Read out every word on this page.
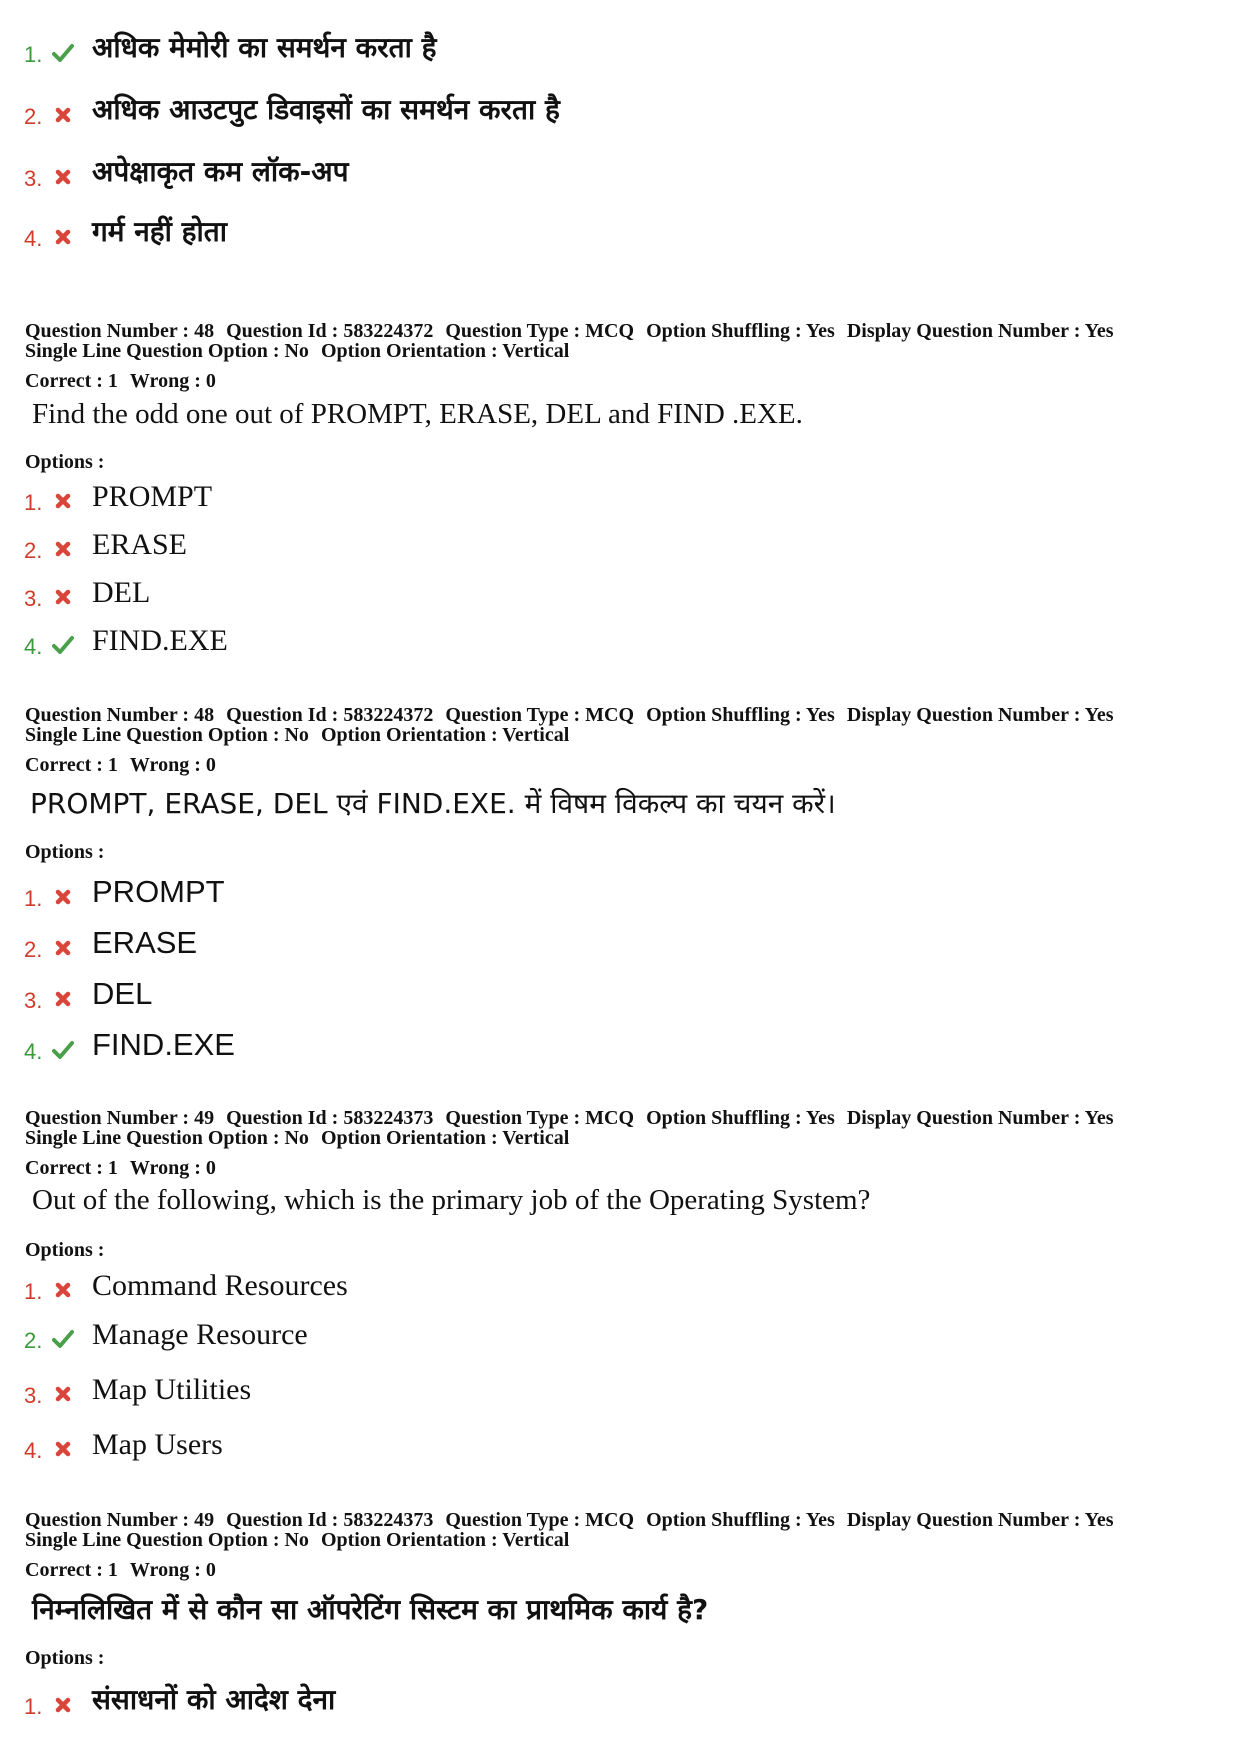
1. अधिक मेमोरी का समर्थन करता है
2. अधिक आउटपुट डिवाइसों का समर्थन करता है
3. अपेक्षाकृत कम लॉक-अप
4. गर्म नहीं होता
Question Number : 48 Question Id : 583224372 Question Type : MCQ Option Shuffling : Yes Display Question Number : Yes
Single Line Question Option : No Option Orientation : Vertical
Correct : 1 Wrong : 0
Find the odd one out of PROMPT, ERASE, DEL and FIND .EXE.
Options :
1. PROMPT
2. ERASE
3. DEL
4. FIND.EXE
Question Number : 48 Question Id : 583224372 Question Type : MCQ Option Shuffling : Yes Display Question Number : Yes
Single Line Question Option : No Option Orientation : Vertical
Correct : 1 Wrong : 0
PROMPT, ERASE, DEL एवं FIND.EXE. में विषम विकल्प का चयन करें।
Options :
1. PROMPT
2. ERASE
3. DEL
4. FIND.EXE
Question Number : 49 Question Id : 583224373 Question Type : MCQ Option Shuffling : Yes Display Question Number : Yes
Single Line Question Option : No Option Orientation : Vertical
Correct : 1 Wrong : 0
Out of the following, which is the primary job of the Operating System?
Options :
1. Command Resources
2. Manage Resource
3. Map Utilities
4. Map Users
Question Number : 49 Question Id : 583224373 Question Type : MCQ Option Shuffling : Yes Display Question Number : Yes
Single Line Question Option : No Option Orientation : Vertical
Correct : 1 Wrong : 0
निम्नलिखित में से कौन सा ऑपरेटिंग सिस्टम का प्राथमिक कार्य है?
Options :
1. संसाधनों को आदेश देना
